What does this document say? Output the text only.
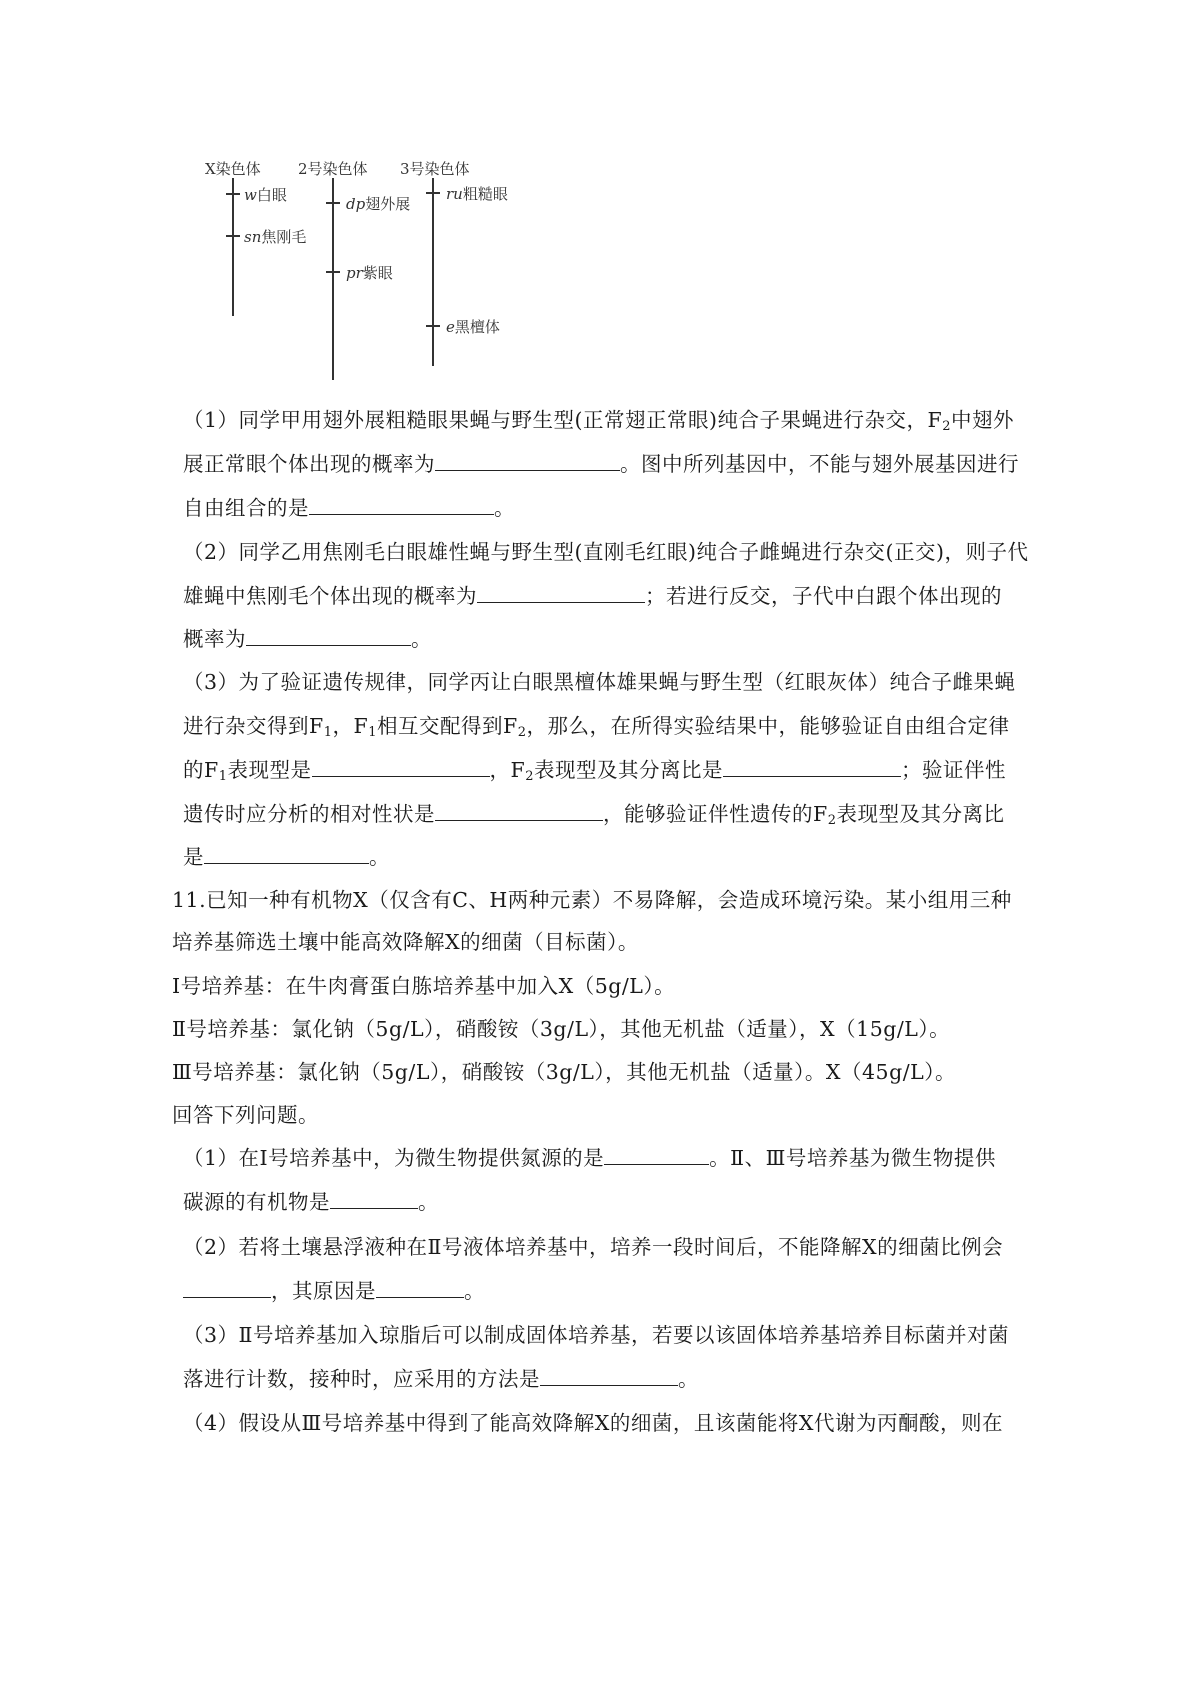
X染色体
w白眼
sn焦刚毛
2号染色体
dp翅外展
pr紫眼
3号染色体
ru粗糙眼
e黑檀体
（1）同学甲用翅外展粗糙眼果蝇与野生型(正常翅正常眼)纯合子果蝇进行杂交，$F_2$中翅外
展正常眼个体出现的概率为	。图中所列基因中，不能与翅外展基因进行
自由组合的是	。
（2）同学乙用焦刚毛白眼雄性蝇与野生型(直刚毛红眼)纯合子雌蝇进行杂交(正交)，则子代
雄蝇中焦刚毛个体出现的概率为	；若进行反交，子代中白跟个体出现的
概率为	。
（3）为了验证遗传规律，同学丙让白眼黑檀体雄果蝇与野生型（红眼灰体）纯合子雌果蝇
进行杂交得到$F_1$，$F_1$相互交配得到$F_2$，那么，在所得实验结果中，能够验证自由组合定律
的$F_1$表现型是	，$F_2$表现型及其分离比是	；验证伴性
遗传时应分析的相对性状是	，能够验证伴性遗传的$F_2$表现型及其分离比
是	。
11.已知一种有机物X（仅含有C、H两种元素）不易降解，会造成环境污染。某小组用三种
培养基筛选土壤中能高效降解X的细菌（目标菌）。
Ⅰ号培养基：在牛肉膏蛋白胨培养基中加入X（5g/L）。
Ⅱ号培养基：氯化钠（5g/L），硝酸铵（3g/L），其他无机盐（适量），X（15g/L）。
Ⅲ号培养基：氯化钠（5g/L），硝酸铵（3g/L），其他无机盐（适量）。X（45g/L）。
回答下列问题。
（1）在Ⅰ号培养基中，为微生物提供氮源的是	。Ⅱ、Ⅲ号培养基为微生物提供
碳源的有机物是	。
（2）若将土壤悬浮液种在Ⅱ号液体培养基中，培养一段时间后，不能降解X的细菌比例会
，其原因是	。
（3）Ⅱ号培养基加入琼脂后可以制成固体培养基，若要以该固体培养基培养目标菌并对菌
落进行计数，接种时，应采用的方法是	。
（4）假设从Ⅲ号培养基中得到了能高效降解X的细菌，且该菌能将X代谢为丙酮酸，则在
